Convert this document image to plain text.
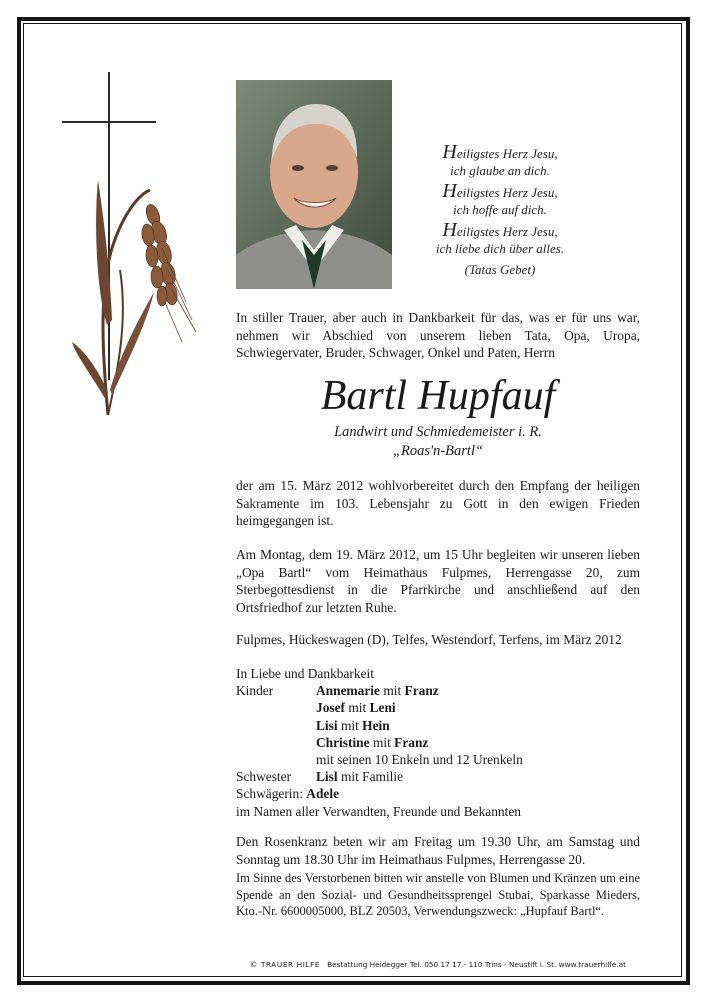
Heiligstes Herz Jesu,
ich glaube an dich.
Heiligstes Herz Jesu,
ich hoffe auf dich.
Heiligstes Herz Jesu,
ich liebe dich über alles.
(Tatas Gebet)
In stiller Trauer, aber auch in Dankbarkeit für das, was er für uns war, nehmen wir Abschied von unserem lieben Tata, Opa, Uropa, Schwiegervater, Bruder, Schwager, Onkel und Paten, Herrn
Bartl Hupfauf
Landwirt und Schmiedemeister i. R.
„Roas'n-Bartl“
der am 15. März 2012 wohlvorbereitet durch den Empfang der heiligen Sakramente im 103. Lebensjahr zu Gott in den ewigen Frieden heimgegangen ist.
Am Montag, dem 19. März 2012, um 15 Uhr begleiten wir unseren lieben „Opa Bartl“ vom Heimathaus Fulpmes, Herrengasse 20, zum Sterbegottesdienst in die Pfarrkirche und anschließend auf den Ortsfriedhof zur letzten Ruhe.
Fulpmes, Hückeswagen (D), Telfes, Westendorf, Terfens, im März 2012
In Liebe und Dankbarkeit
Kinder	Annemarie mit Franz
Josef mit Leni
Lisi mit Hein
Christine mit Franz
mit seinen 10 Enkeln und 12 Urenkeln
Schwester	Lisl mit Familie
Schwägerin:
Adele
im Namen aller Verwandten, Freunde und Bekannten
Den Rosenkranz beten wir am Freitag um 19.30 Uhr, am Samstag und Sonntag um 18.30 Uhr im Heimathaus Fulpmes, Herrengasse 20.
Im Sinne des Verstorbenen bitten wir anstelle von Blumen und Kränzen um eine Spende an den Sozial- und Gesundheitssprengel Stubai, Sparkasse Mieders, Kto.-Nr. 6600005000, BLZ 20503, Verwendungszweck: „Hupfauf Bartl“.
© TRAUER HILFE Bestattung Heidegger Tel. 050 17 17 - 110 Trins - Neustift i. St. www.trauerhilfe.at
